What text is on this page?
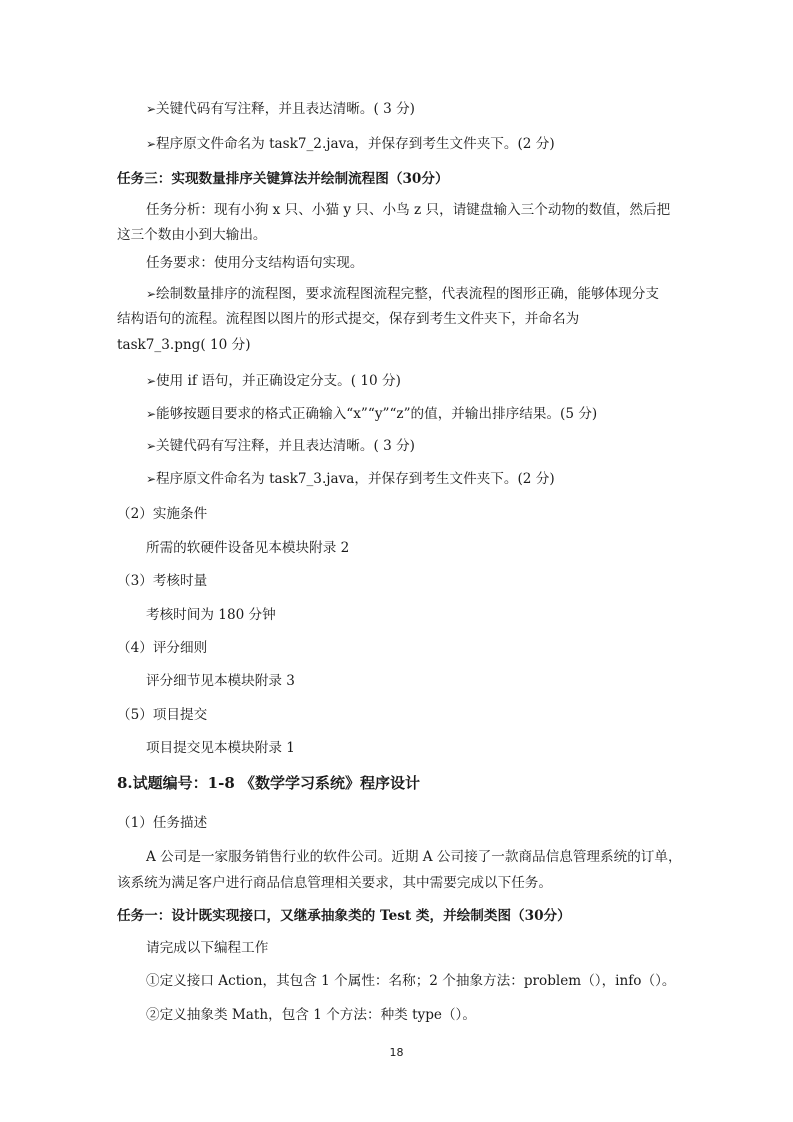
➢关键代码有写注释，并且表达清晰。( 3 分)
➢程序原文件命名为 task7_2.java，并保存到考生文件夹下。(2 分)
任务三：实现数量排序关键算法并绘制流程图（30分）
任务分析：现有小狗 x 只、小猫 y 只、小鸟 z 只，请键盘输入三个动物的数值，然后把
这三个数由小到大输出。
任务要求：使用分支结构语句实现。
➢绘制数量排序的流程图，要求流程图流程完整，代表流程的图形正确，能够体现分支
结构语句的流程。流程图以图片的形式提交，保存到考生文件夹下，并命名为
task7_3.png( 10 分)
➢使用 if 语句，并正确设定分支。( 10 分)
➢能够按题目要求的格式正确输入“x”“y”“z”的值，并输出排序结果。(5 分)
➢关键代码有写注释，并且表达清晰。( 3 分)
➢程序原文件命名为 task7_3.java，并保存到考生文件夹下。(2 分)
（2）实施条件
所需的软硬件设备见本模块附录 2
（3）考核时量
考核时间为 180 分钟
（4）评分细则
评分细节见本模块附录 3
（5）项目提交
项目提交见本模块附录 1
8.试题编号：1-8 《数学学习系统》程序设计
（1）任务描述
A 公司是一家服务销售行业的软件公司。近期 A 公司接了一款商品信息管理系统的订单，
该系统为满足客户进行商品信息管理相关要求，其中需要完成以下任务。
任务一：设计既实现接口，又继承抽象类的 Test 类，并绘制类图（30分）
请完成以下编程工作
①定义接口 Action，其包含 1 个属性：名称；2 个抽象方法：problem（），info（）。
②定义抽象类 Math，包含 1 个方法：种类 type（）。
18
